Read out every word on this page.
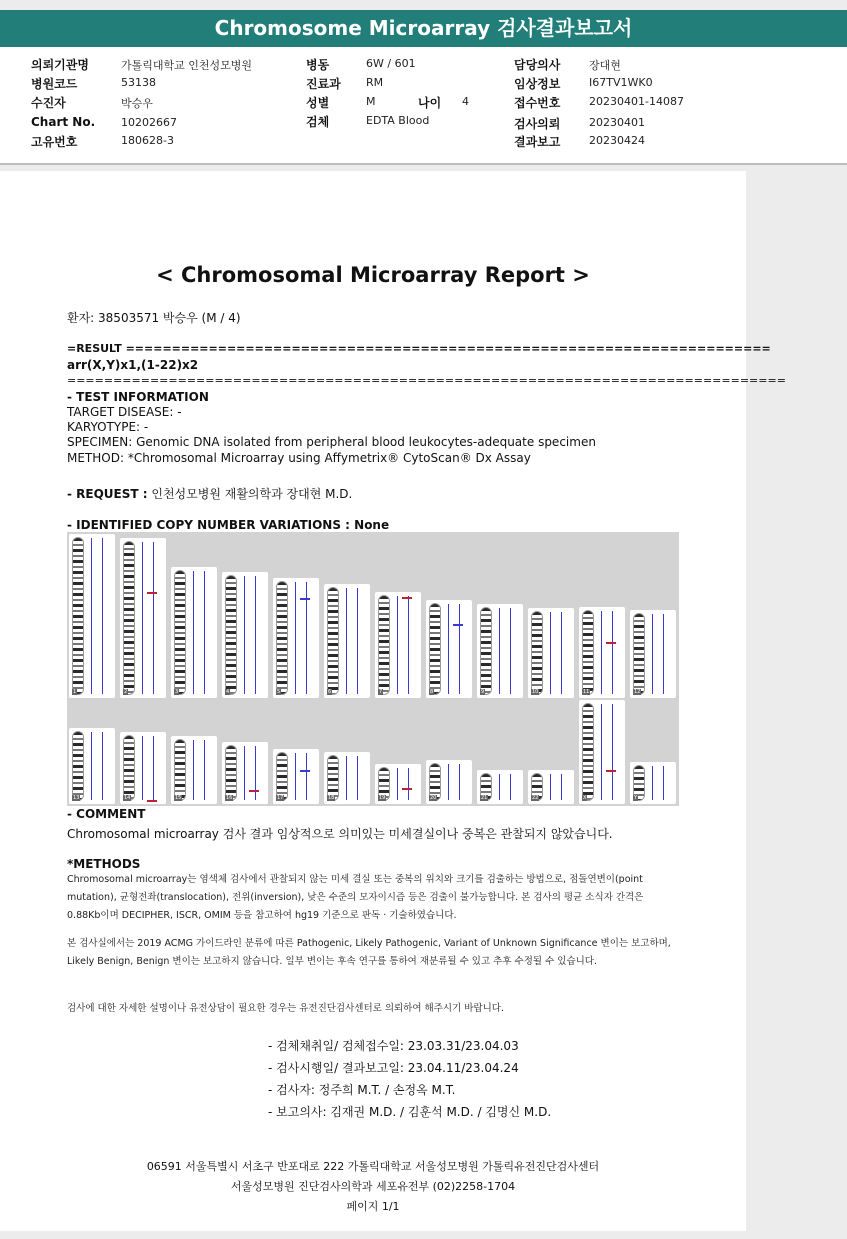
Chromosome Microarray 검사결과보고서
의뢰기관명	가톨릭대학교 인천성모병원
병원코드	53138
수진자	박승우
Chart No. 10202667
고유번호	180628-3
병동	6W / 601
진료과 RM
성별	M
검체	EDTA Blood
나이 4
담당의사	장대현
임상정보	I67TV1WK0
접수번호	20230401-14087
검사의뢰	20230401
결과보고	20230424
< Chromosomal Microarray Report >
환자: 38503571 박승우 (M / 4)
=RESULT ======================================================================
arr(X,Y)x1,(1-22)x2
==============================================================================
- TEST INFORMATION
TARGET DISEASE: -
KARYOTYPE: -
SPECIMEN: Genomic DNA isolated from peripheral blood leukocytes-adequate specimen
METHOD: *Chromosomal Microarray using Affymetrix® CytoScan® Dx Assay
- REQUEST : 인천성모병원 재활의학과 장대현 M.D.
- IDENTIFIED COPY NUMBER VARIATIONS : None
1	2	3	4	5	6	7	8	9	10	11	12
13	14	15	16	17	18	19	20	21	22	X	Y
- COMMENT
Chromosomal microarray 검사 결과 임상적으로 의미있는 미세결실이나 중복은 관찰되지 않았습니다.
*METHODS
Chromosomal microarray는 염색체 검사에서 관찰되지 않는 미세 결실 또는 중복의 위치와 크기를 검출하는 방법으로, 점돌연변이(point mutation), 균형전좌(translocation), 전위(inversion), 낮은 수준의 모자이시즘 등은 검출이 불가능합니다. 본 검사의 평균 소식자 간격은 0.88Kb이며 DECIPHER, ISCR, OMIM 등을 참고하여 hg19 기준으로 판독 · 기술하였습니다.
본 검사실에서는 2019 ACMG 가이드라인 분류에 따른 Pathogenic, Likely Pathogenic, Variant of Unknown Significance 변이는 보고하며, Likely Benign, Benign 변이는 보고하지 않습니다. 일부 변이는 후속 연구를 통하여 재분류될 수 있고 추후 수정될 수 있습니다.
검사에 대한 자세한 설명이나 유전상담이 필요한 경우는 유전진단검사센터로 의뢰하여 해주시기 바랍니다.
- 검체채취일/ 검체접수일: 23.03.31/23.04.03
- 검사시행일/ 결과보고일: 23.04.11/23.04.24
- 검사자: 정주희 M.T. / 손정옥 M.T.
- 보고의사: 김재권 M.D. / 김훈석 M.D. / 김명신 M.D.
06591 서울특별시 서초구 반포대로 222 가톨릭대학교 서울성모병원 가톨릭유전진단검사센터
서울성모병원 진단검사의학과 세포유전부 (02)2258-1704
페이지 1/1
